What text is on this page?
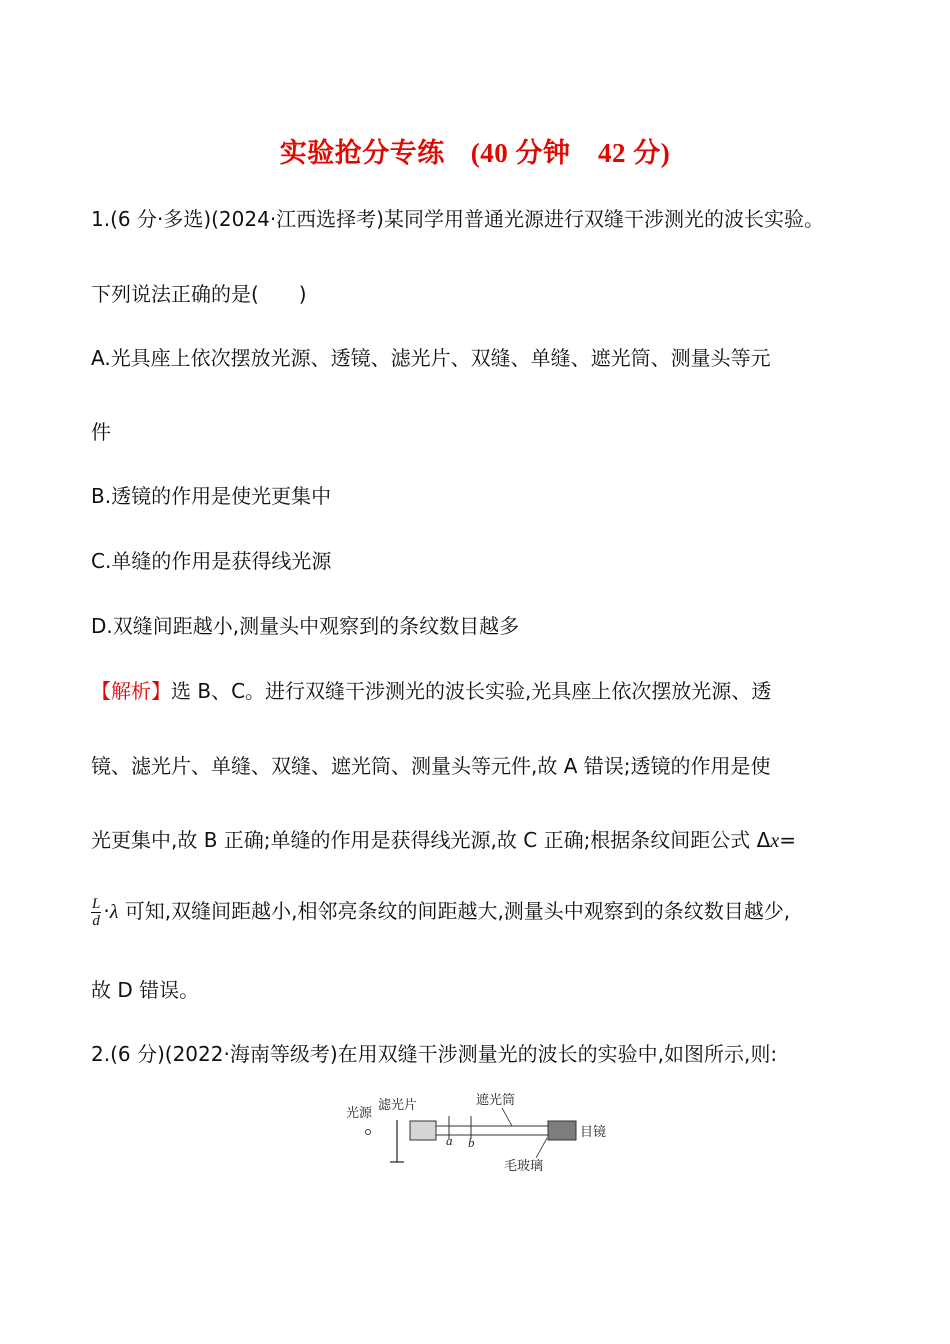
实验抢分专练 (40 分钟　42 分)
1.(6 分·多选)(2024·江西选择考)某同学用普通光源进行双缝干涉测光的波长实验。
下列说法正确的是(　　)
A.光具座上依次摆放光源、透镜、滤光片、双缝、单缝、遮光筒、测量头等元
件
B.透镜的作用是使光更集中
C.单缝的作用是获得线光源
D.双缝间距越小,测量头中观察到的条纹数目越多
【解析】选 B、C。进行双缝干涉测光的波长实验,光具座上依次摆放光源、透
镜、滤光片、单缝、双缝、遮光筒、测量头等元件,故 A 错误;透镜的作用是使
光更集中,故 B 正确;单缝的作用是获得线光源,故 C 正确;根据条纹间距公式 Δx=
$\frac{L}{d} \cdot\lambda$ 可知,双缝间距越小,相邻亮条纹的间距越大,测量头中观察到的条纹数目越少,
故 D 错误。
2.(6 分)(2022·海南等级考)在用双缝干涉测量光的波长的实验中,如图所示,则:
光源
滤光片
a b
遮光筒
目镜
毛玻璃
